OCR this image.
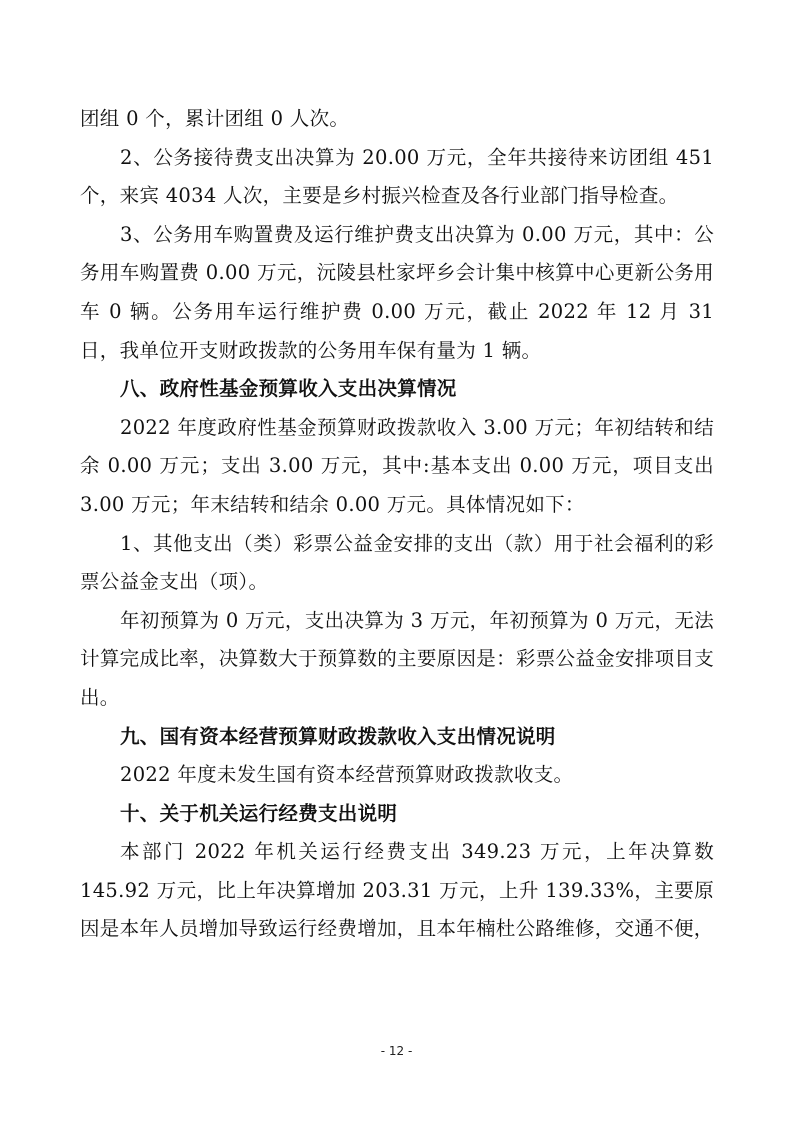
团组 0 个，累计团组 0 人次。

2、公务接待费支出决算为 20.00 万元，全年共接待来访团组 451 个，来宾 4034 人次，主要是乡村振兴检查及各行业部门指导检查。

3、公务用车购置费及运行维护费支出决算为 0.00 万元，其中：公务用车购置费 0.00 万元，沅陵县杜家坪乡会计集中核算中心更新公务用车 0 辆。公务用车运行维护费 0.00 万元，截止 2022 年 12 月 31 日，我单位开支财政拨款的公务用车保有量为 1 辆。

八、政府性基金预算收入支出决算情况

2022 年度政府性基金预算财政拨款收入 3.00 万元；年初结转和结余 0.00 万元；支出 3.00 万元，其中:基本支出 0.00 万元，项目支出 3.00 万元；年末结转和结余 0.00 万元。具体情况如下：

1、其他支出（类）彩票公益金安排的支出（款）用于社会福利的彩票公益金支出（项）。

年初预算为 0 万元，支出决算为 3 万元，年初预算为 0 万元，无法计算完成比率，决算数大于预算数的主要原因是：彩票公益金安排项目支出。

九、国有资本经营预算财政拨款收入支出情况说明

2022 年度未发生国有资本经营预算财政拨款收支。

十、关于机关运行经费支出说明

本部门 2022 年机关运行经费支出 349.23 万元，上年决算数 145.92 万元，比上年决算增加 203.31 万元，上升 139.33%，主要原因是本年人员增加导致运行经费增加，且本年楠杜公路维修，交通不便，

- 12 -
